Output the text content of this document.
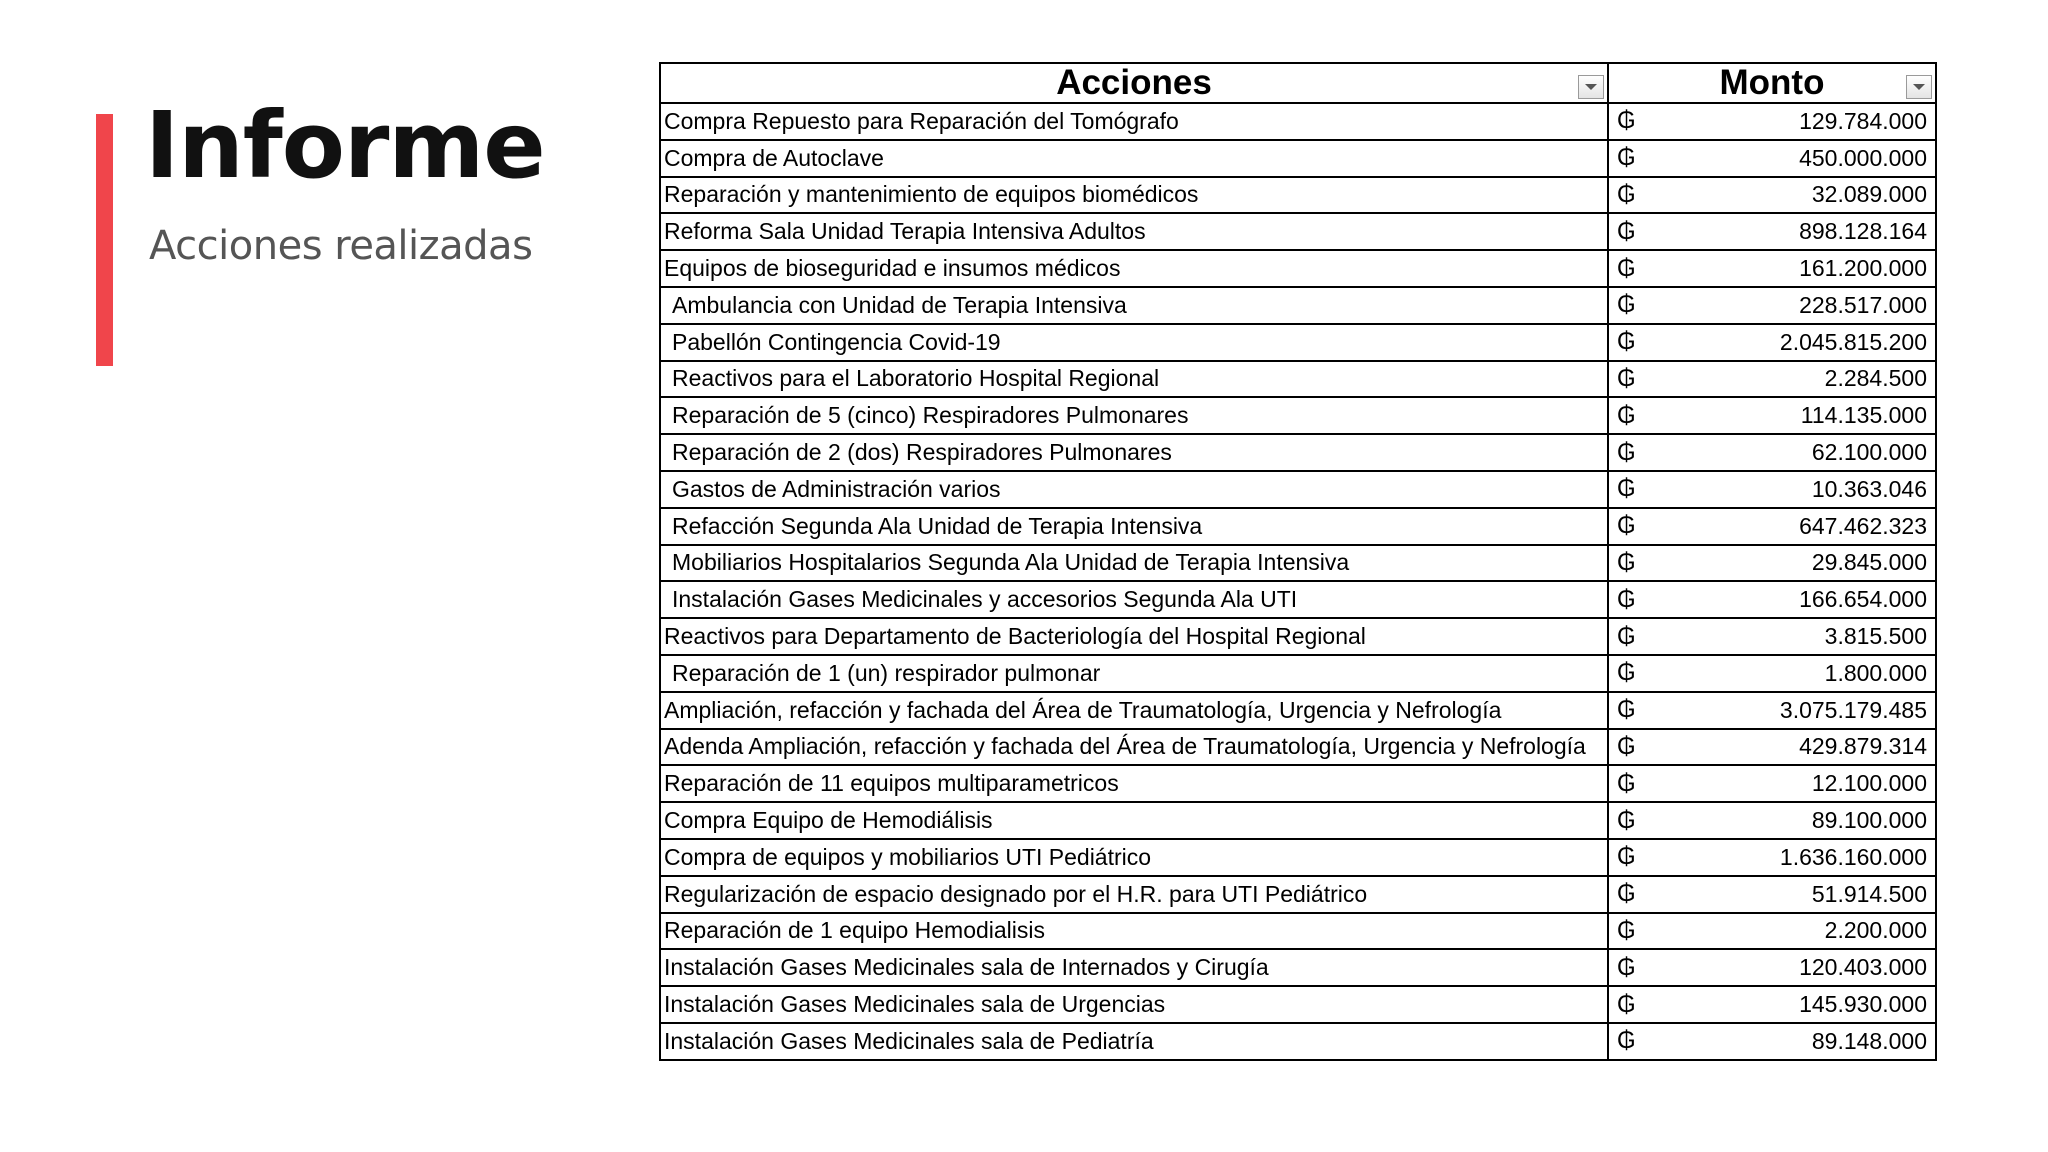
Informe
Acciones realizadas
Acciones	Monto

Compra Repuesto para Reparación del Tomógrafo	₲ 129.784.000

Compra de Autoclave	₲ 450.000.000

Reparación y mantenimiento de equipos biomédicos	₲ 32.089.000

Reforma Sala Unidad Terapia Intensiva Adultos	₲ 898.128.164

Equipos de bioseguridad e insumos médicos	₲ 161.200.000

Ambulancia con Unidad de Terapia Intensiva	₲ 228.517.000

Pabellón Contingencia Covid-19	₲ 2.045.815.200

Reactivos para el Laboratorio Hospital Regional	₲ 2.284.500

Reparación de 5 (cinco) Respiradores Pulmonares	₲ 114.135.000

Reparación de 2 (dos) Respiradores Pulmonares	₲ 62.100.000

Gastos de Administración varios	₲ 10.363.046

Refacción Segunda Ala Unidad de Terapia Intensiva	₲ 647.462.323

Mobiliarios Hospitalarios Segunda Ala Unidad de Terapia Intensiva	₲ 29.845.000

Instalación Gases Medicinales y accesorios Segunda Ala UTI	₲ 166.654.000

Reactivos para Departamento de Bacteriología del Hospital Regional	₲ 3.815.500

Reparación de 1 (un) respirador pulmonar	₲ 1.800.000

Ampliación, refacción y fachada del Área de Traumatología, Urgencia y Nefrología	₲ 3.075.179.485

Adenda Ampliación, refacción y fachada del Área de Traumatología, Urgencia y Nefrología	₲ 429.879.314

Reparación de 11 equipos multiparametricos	₲ 12.100.000

Compra Equipo de Hemodiálisis	₲ 89.100.000

Compra de equipos y mobiliarios UTI Pediátrico	₲ 1.636.160.000

Regularización de espacio designado por el H.R. para UTI Pediátrico	₲ 51.914.500

Reparación de 1 equipo Hemodialisis	₲ 2.200.000

Instalación Gases Medicinales sala de Internados y Cirugía	₲ 120.403.000

Instalación Gases Medicinales sala de Urgencias	₲ 145.930.000

Instalación Gases Medicinales sala de Pediatría	₲ 89.148.000
